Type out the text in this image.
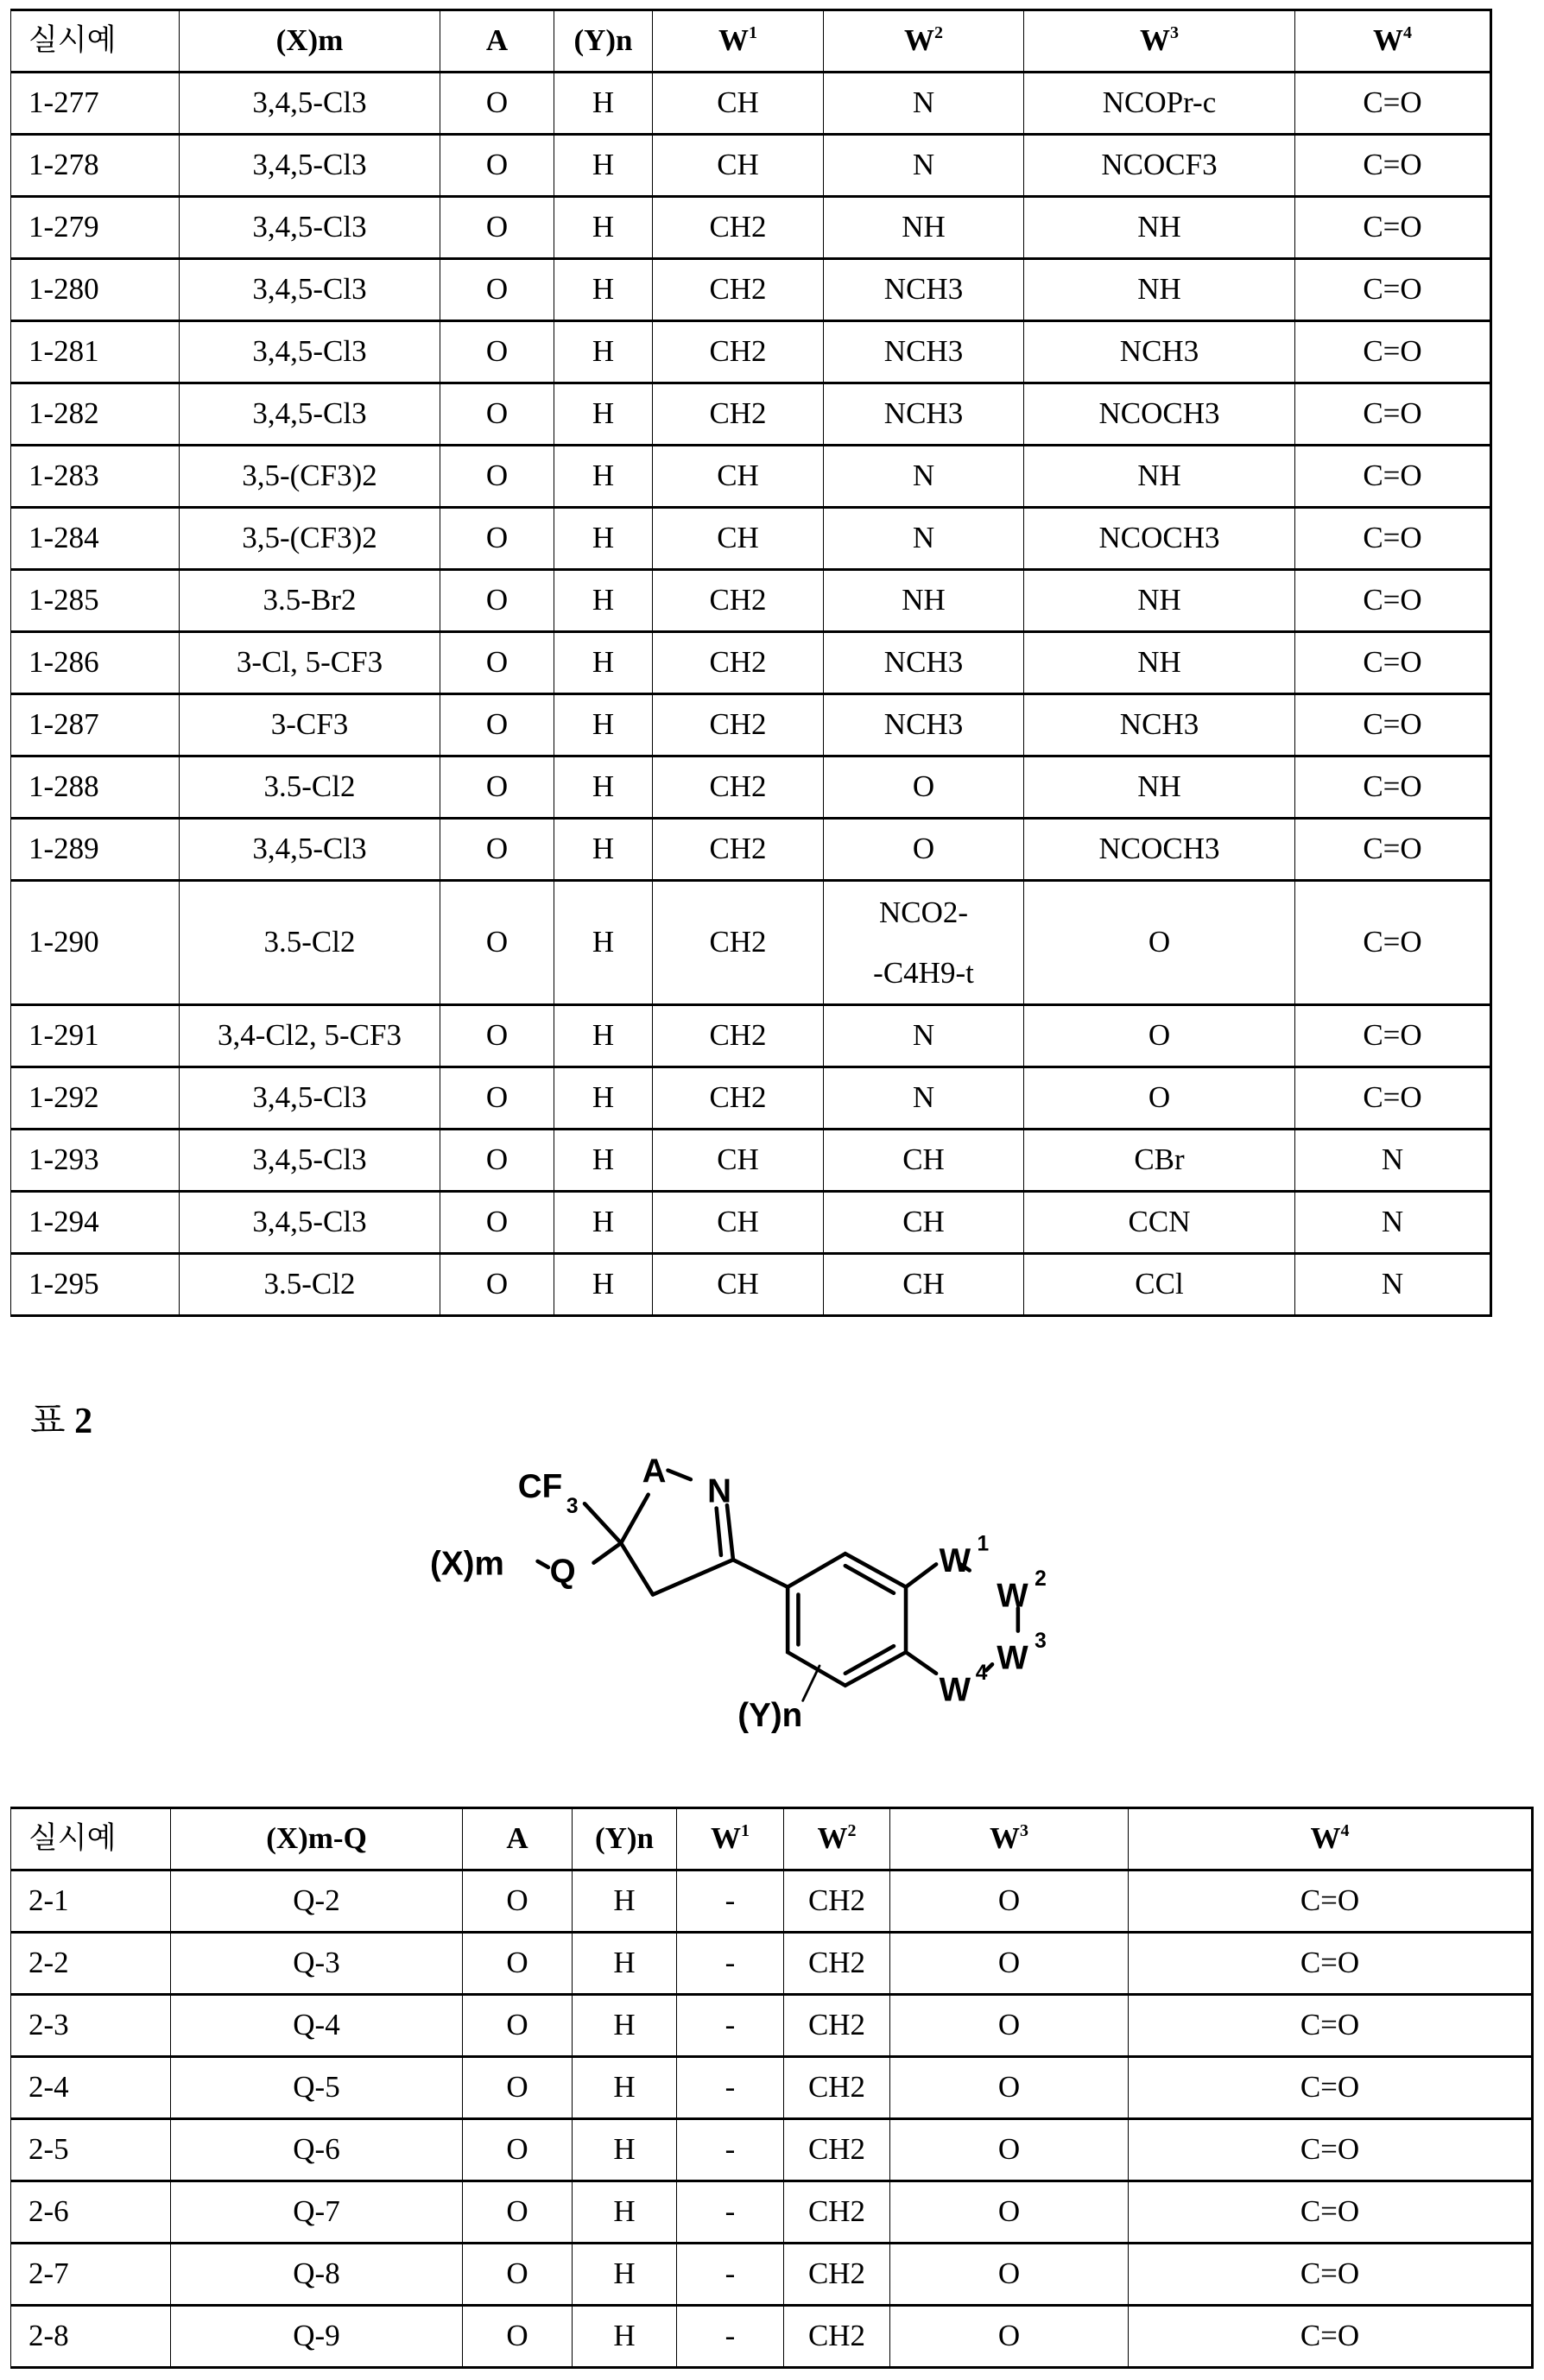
실시예	(X)m	A	(Y)n	W1	W2	W3	W4
1-277	3,4,5-Cl3	O	H	CH	N	NCOPr-c	C=O
1-278	3,4,5-Cl3	O	H	CH	N	NCOCF3	C=O
1-279	3,4,5-Cl3	O	H	CH2	NH	NH	C=O
1-280	3,4,5-Cl3	O	H	CH2	NCH3	NH	C=O
1-281	3,4,5-Cl3	O	H	CH2	NCH3	NCH3	C=O
1-282	3,4,5-Cl3	O	H	CH2	NCH3	NCOCH3	C=O
1-283	3,5-(CF3)2	O	H	CH	N	NH	C=O
1-284	3,5-(CF3)2	O	H	CH	N	NCOCH3	C=O
1-285	3.5-Br2	O	H	CH2	NH	NH	C=O
1-286	3-Cl, 5-CF3	O	H	CH2	NCH3	NH	C=O
1-287	3-CF3	O	H	CH2	NCH3	NCH3	C=O
1-288	3.5-Cl2	O	H	CH2	O	NH	C=O
1-289	3,4,5-Cl3	O	H	CH2	O	NCOCH3	C=O
1-290	3.5-Cl2	O	H	CH2	NCO2-
-C4H9-t	O	C=O
1-291	3,4-Cl2, 5-CF3	O	H	CH2	N	O	C=O
1-292	3,4,5-Cl3	O	H	CH2	N	O	C=O
1-293	3,4,5-Cl3	O	H	CH	CH	CBr	N
1-294	3,4,5-Cl3	O	H	CH	CH	CCN	N
1-295	3.5-Cl2	O	H	CH	CH	CCl	N
표 2
CF
3
A
N
(X)m Q
(Y)n
W 1
W 2
W 3
W 4
실시예	(X)m-Q	A	(Y)n	W1	W2	W3	W4
2-1	Q-2	O	H	-	CH2	O	C=O
2-2	Q-3	O	H	-	CH2	O	C=O
2-3	Q-4	O	H	-	CH2	O	C=O
2-4	Q-5	O	H	-	CH2	O	C=O
2-5	Q-6	O	H	-	CH2	O	C=O
2-6	Q-7	O	H	-	CH2	O	C=O
2-7	Q-8	O	H	-	CH2	O	C=O
2-8	Q-9	O	H	-	CH2	O	C=O
